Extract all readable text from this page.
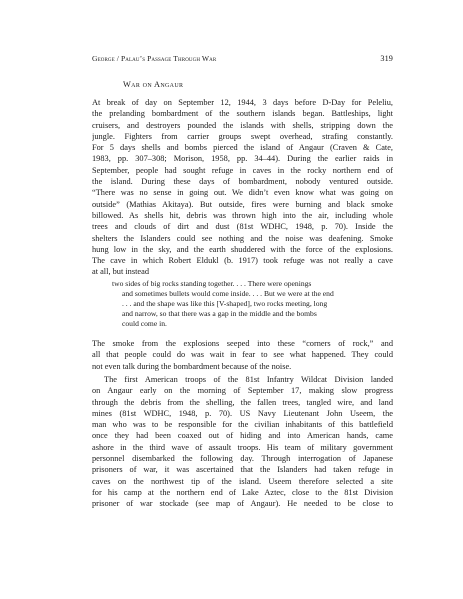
George / Palau’s Passage Through War	319
War on Angaur
At break of day on September 12, 1944, 3 days before D-Day for Peleliu,
the prelanding bombardment of the southern islands began. Battleships, light
cruisers, and destroyers pounded the islands with shells, stripping down the
jungle. Fighters from carrier groups swept overhead, strafing constantly.
For 5 days shells and bombs pierced the island of Angaur (Craven & Cate,
1983, pp. 307–308; Morison, 1958, pp. 34–44). During the earlier raids in
September, people had sought refuge in caves in the rocky northern end of
the island. During these days of bombardment, nobody ventured outside.
“There was no sense in going out. We didn’t even know what was going on
outside” (Mathias Akitaya). But outside, fires were burning and black smoke
billowed. As shells hit, debris was thrown high into the air, including whole
trees and clouds of dirt and dust (81st WDHC, 1948, p. 70). Inside the
shelters the Islanders could see nothing and the noise was deafening. Smoke
hung low in the sky, and the earth shuddered with the force of the explosions.
The cave in which Robert Eldukl (b. 1917) took refuge was not really a cave
at all, but instead
two sides of big rocks standing together. . . . There were openings
and sometimes bullets would come inside. . . . But we were at the end
. . . and the shape was like this [V-shaped], two rocks meeting, long
and narrow, so that there was a gap in the middle and the bombs
could come in.
The smoke from the explosions seeped into these “corners of rock,” and
all that people could do was wait in fear to see what happened. They could
not even talk during the bombardment because of the noise.
The first American troops of the 81st Infantry Wildcat Division landed
on Angaur early on the morning of September 17, making slow progress
through the debris from the shelling, the fallen trees, tangled wire, and land
mines (81st WDHC, 1948, p. 70). US Navy Lieutenant John Useem, the
man who was to be responsible for the civilian inhabitants of this battlefield
once they had been coaxed out of hiding and into American hands, came
ashore in the third wave of assault troops. His team of military government
personnel disembarked the following day. Through interrogation of Japanese
prisoners of war, it was ascertained that the Islanders had taken refuge in
caves on the northwest tip of the island. Useem therefore selected a site
for his camp at the northern end of Lake Aztec, close to the 81st Division
prisoner of war stockade (see map of Angaur). He needed to be close to
